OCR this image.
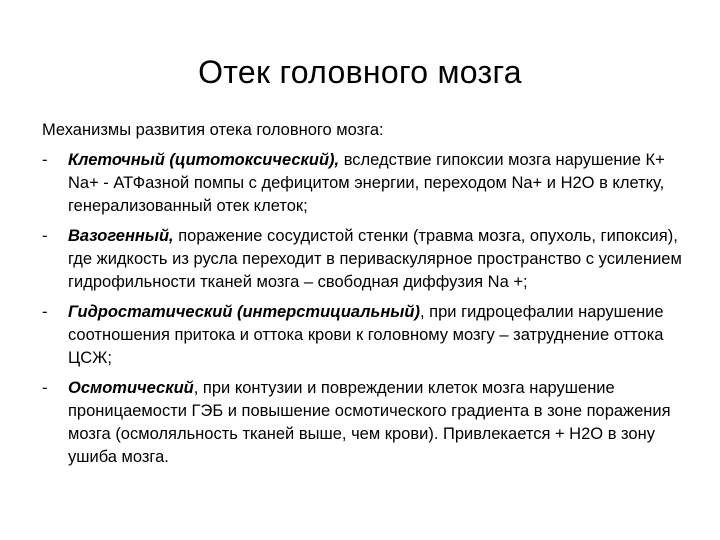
Отек головного мозга
Механизмы развития отека головного мозга:
- Клеточный (цитотоксический), вследствие гипоксии мозга нарушение К+ Na+ - АТФазной помпы с дефицитом энергии, переходом Na+ и Н2О в клетку, генерализованный отек клеток;
- Вазогенный, поражение сосудистой стенки (травма мозга, опухоль, гипоксия), где жидкость из русла переходит в периваскулярное пространство с усилением гидрофильности тканей мозга – свободная диффузия Na +;
- Гидростатический (интерстициальный), при гидроцефалии нарушение соотношения притока и оттока крови к головному мозгу – затруднение оттока ЦСЖ;
- Осмотический, при контузии и повреждении клеток мозга нарушение проницаемости ГЭБ и повышение осмотического градиента в зоне поражения мозга (осмоляльность тканей выше, чем крови). Привлекается + Н2О в зону ушиба мозга.
